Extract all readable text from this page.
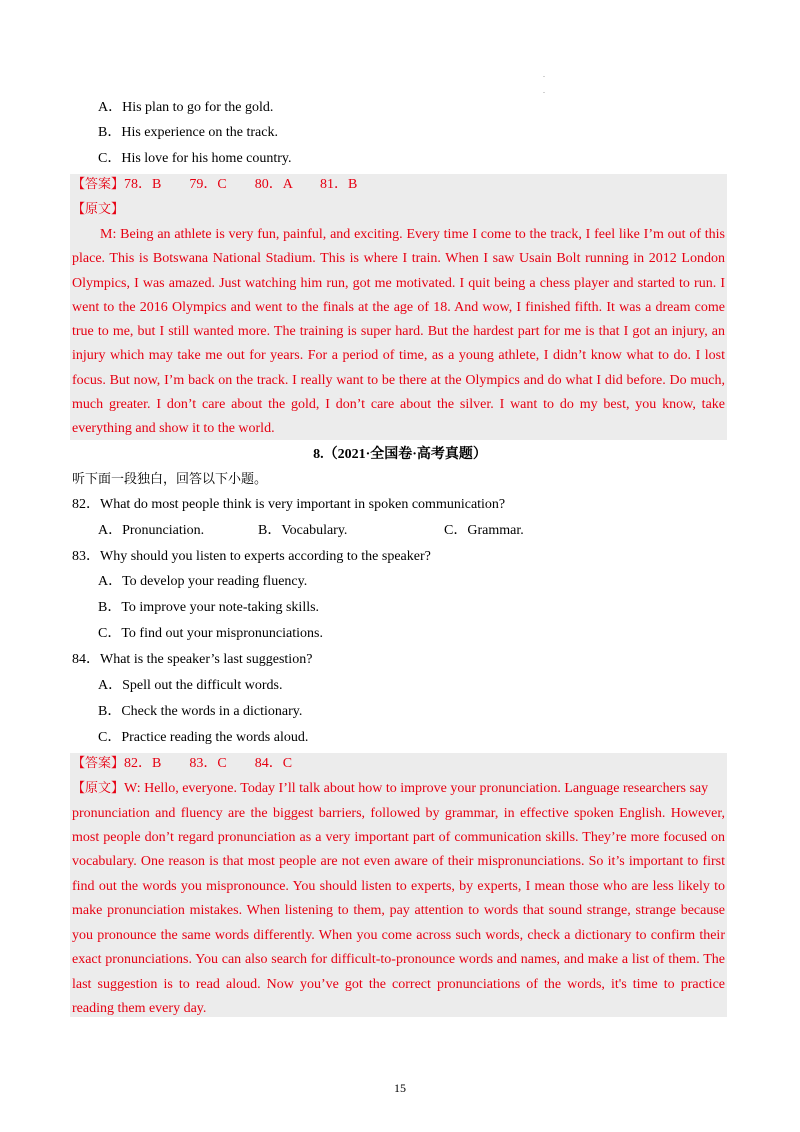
.
.
A．His plan to go for the gold.
B．His experience on the track.
C．His love for his home country.
【答案】78．B　　79．C　　80．A　　81．B
【原文】
M: Being an athlete is very fun, painful, and exciting. Every time I come to the track, I feel like I’m out of this
place. This is Botswana National Stadium. This is where I train. When I saw Usain Bolt running in 2012 London
Olympics, I was amazed. Just watching him run, got me motivated. I quit being a chess player and started to run. I
went to the 2016 Olympics and went to the finals at the age of 18. And wow, I finished fifth. It was a dream come
true to me, but I still wanted more. The training is super hard. But the hardest part for me is that I got an injury, an
injury which may take me out for years. For a period of time, as a young athlete, I didn’t know what to do. I lost
focus. But now, I’m back on the track. I really want to be there at the Olympics and do what I did before. Do much,
much greater. I don’t care about the gold, I don’t care about the silver. I want to do my best, you know, take
everything and show it to the world.
8.（2021·全国卷·高考真题）
听下面一段独白，回答以下小题。
82．What do most people think is very important in spoken communication?
A．Pronunciation.	B．Vocabulary.	C．Grammar.
83．Why should you listen to experts according to the speaker?
A．To develop your reading fluency.
B．To improve your note-taking skills.
C．To find out your mispronunciations.
84．What is the speaker’s last suggestion?
A．Spell out the difficult words.
B．Check the words in a dictionary.
C．Practice reading the words aloud.
【答案】82．B　　83．C　　84．C
【原文】W: Hello, everyone. Today I’ll talk about how to improve your pronunciation. Language researchers say
pronunciation and fluency are the biggest barriers, followed by grammar, in effective spoken English. However,
most people don’t regard pronunciation as a very important part of communication skills. They’re more focused on
vocabulary. One reason is that most people are not even aware of their mispronunciations. So it’s important to first
find out the words you mispronounce. You should listen to experts, by experts, I mean those who are less likely to
make pronunciation mistakes. When listening to them, pay attention to words that sound strange, strange because
you pronounce the same words differently. When you come across such words, check a dictionary to confirm their
exact pronunciations. You can also search for difficult-to-pronounce words and names, and make a list of them. The
last suggestion is to read aloud. Now you’ve got the correct pronunciations of the words, it's time to practice
reading them every day.
15
